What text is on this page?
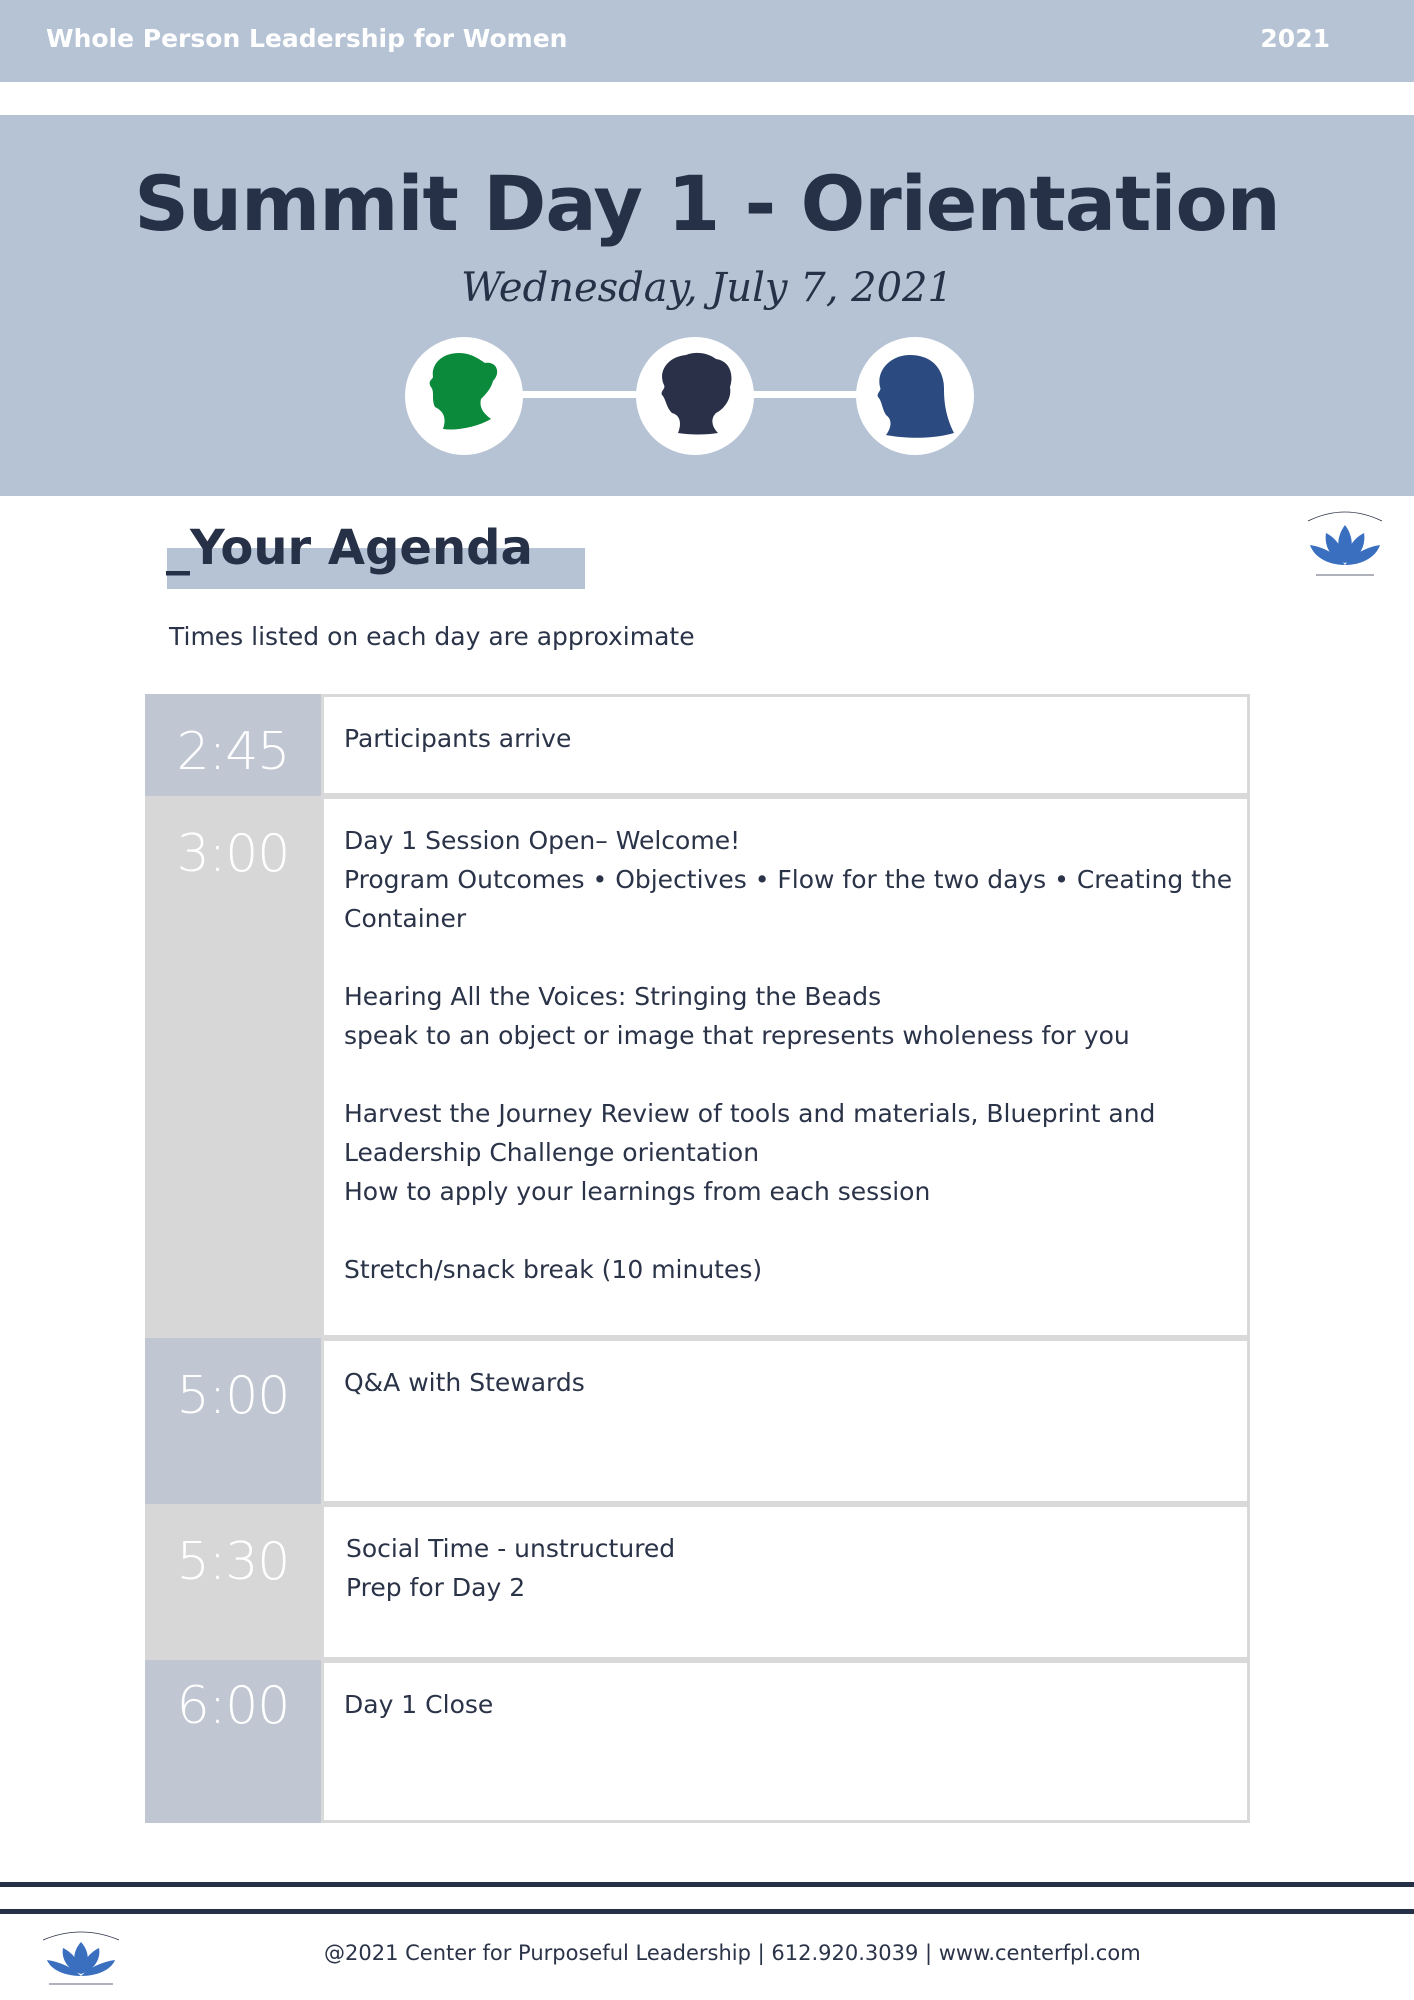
Whole Person Leadership for Women	2021
Summit Day 1 - Orientation
Wednesday, July 7, 2021
_Your Agenda
Times listed on each day are approximate
2:45	Participants arrive
3:00	Day 1 Session Open– Welcome!
Program Outcomes • Objectives • Flow for the two days • Creating the
Container
Hearing All the Voices: Stringing the Beads
speak to an object or image that represents wholeness for you
Harvest the Journey Review of tools and materials, Blueprint and
Leadership Challenge orientation
How to apply your learnings from each session
Stretch/snack break (10 minutes)
5:00	Q&A with Stewards
5:30	Social Time - unstructured
Prep for Day 2
6:00	Day 1 Close
@2021 Center for Purposeful Leadership | 612.920.3039 | www.centerfpl.com
